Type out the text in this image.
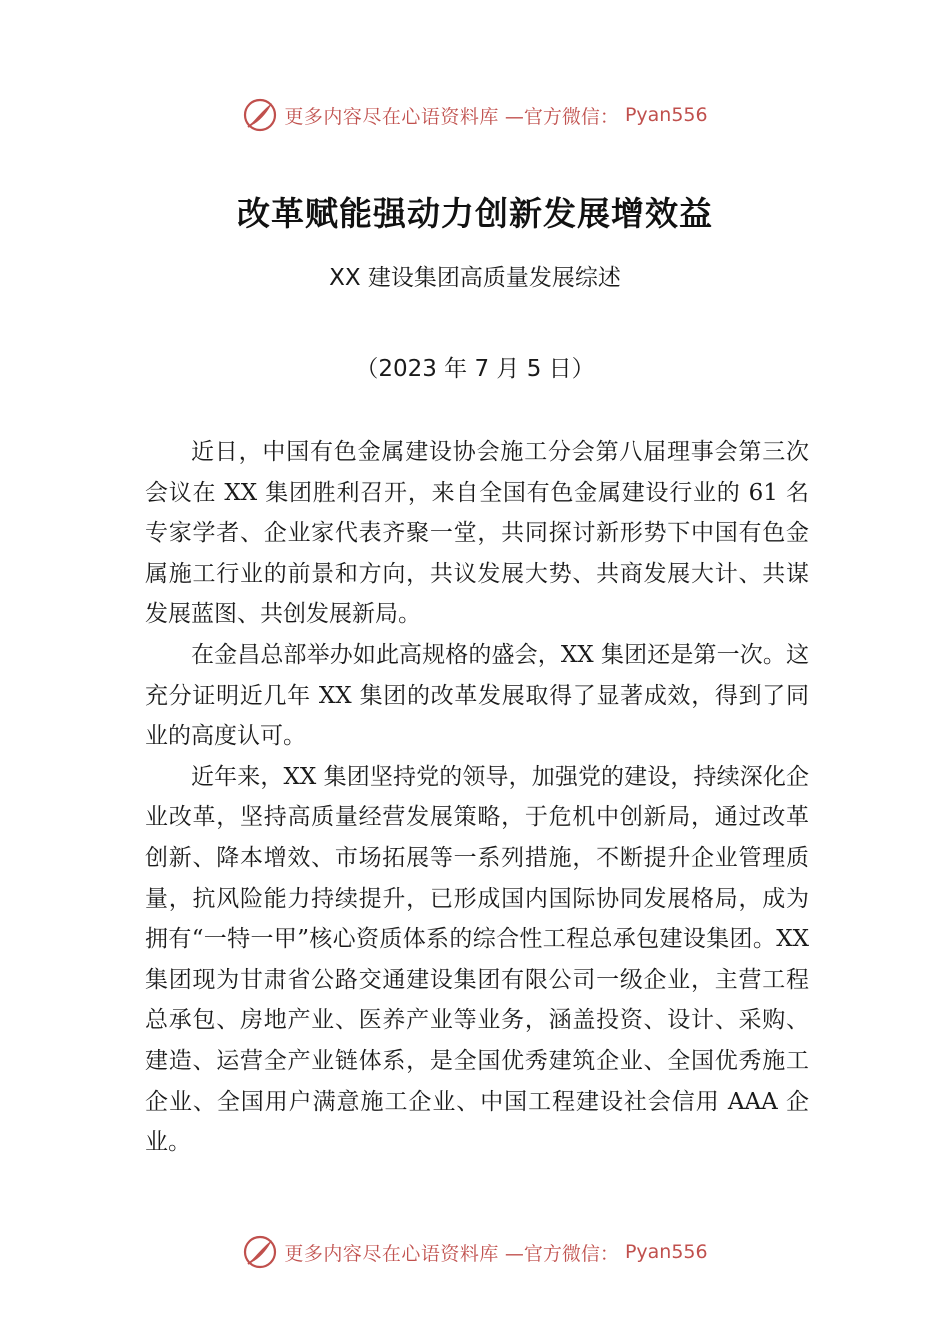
更多内容尽在心语资料库 —官方微信： Pyan556
改革赋能强动力创新发展增效益
XX 建设集团高质量发展综述
（2023 年 7 月 5 日）

近日，中国有色金属建设协会施工分会第八届理事会第三次会议在 XX 集团胜利召开，来自全国有色金属建设行业的 61 名专家学者、企业家代表齐聚一堂，共同探讨新形势下中国有色金属施工行业的前景和方向，共议发展大势、共商发展大计、共谋发展蓝图、共创发展新局。

在金昌总部举办如此高规格的盛会，XX 集团还是第一次。这充分证明近几年 XX 集团的改革发展取得了显著成效，得到了同业的高度认可。

近年来，XX 集团坚持党的领导，加强党的建设，持续深化企业改革，坚持高质量经营发展策略，于危机中创新局，通过改革创新、降本增效、市场拓展等一系列措施，不断提升企业管理质量，抗风险能力持续提升，已形成国内国际协同发展格局，成为拥有“一特一甲”核心资质体系的综合性工程总承包建设集团。XX 集团现为甘肃省公路交通建设集团有限公司一级企业，主营工程总承包、房地产业、医养产业等业务，涵盖投资、设计、采购、建造、运营全产业链体系，是全国优秀建筑企业、全国优秀施工企业、全国用户满意施工企业、中国工程建设社会信用 AAA 企业。

更多内容尽在心语资料库 —官方微信： Pyan556
